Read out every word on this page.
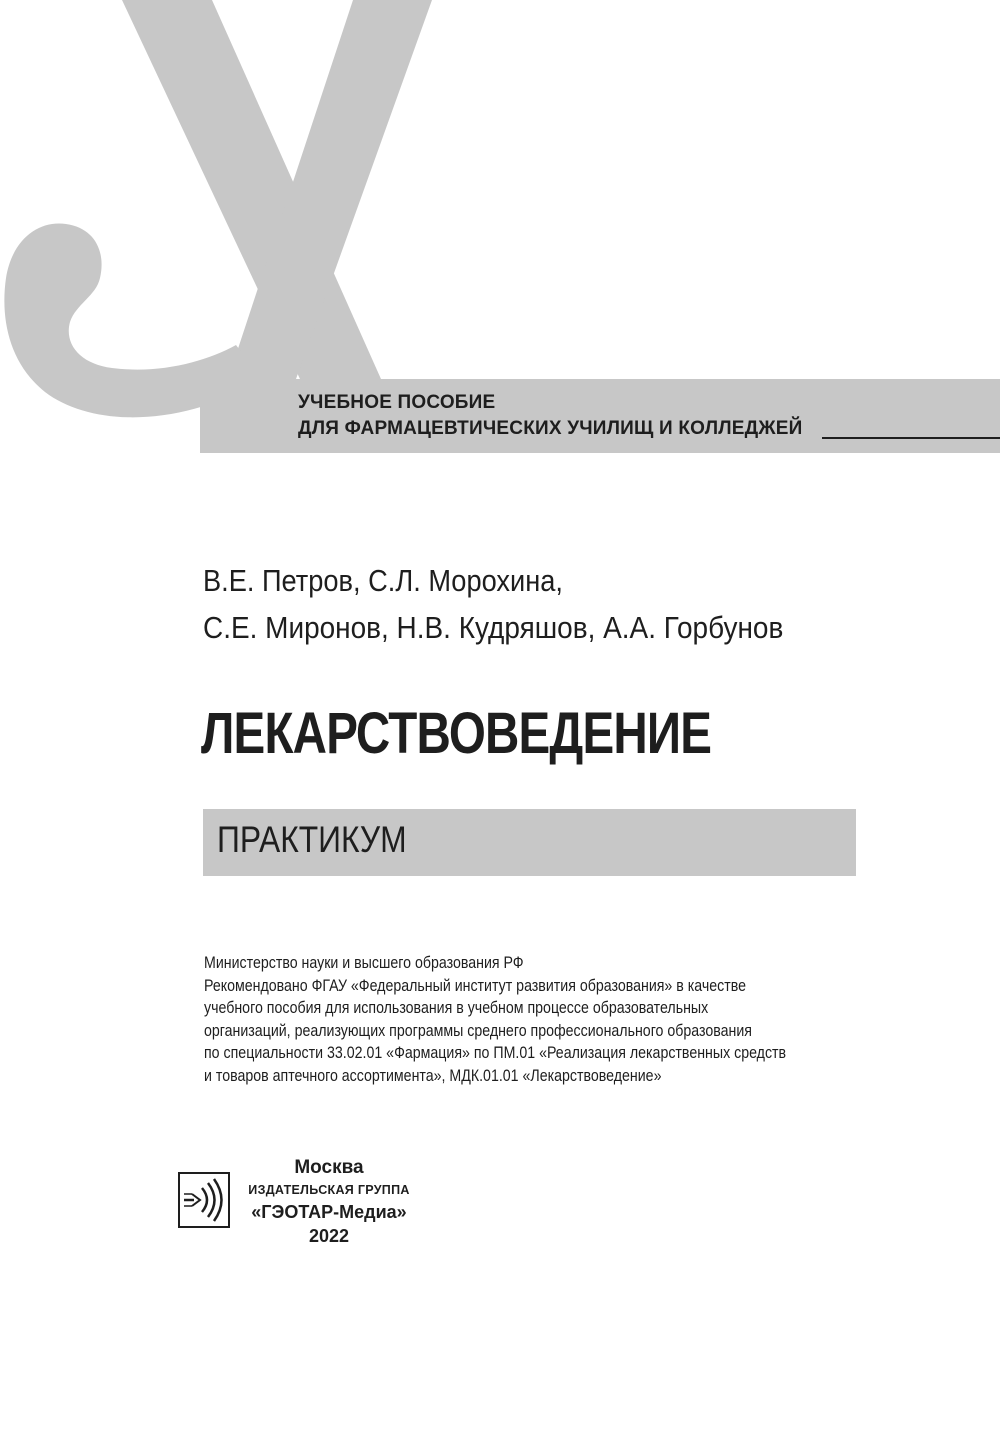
УЧЕБНОЕ ПОСОБИЕ
ДЛЯ ФАРМАЦЕВТИЧЕСКИХ УЧИЛИЩ И КОЛЛЕДЖЕЙ
В.Е. Петров, С.Л. Морохина,
С.Е. Миронов, Н.В. Кудряшов, А.А. Горбунов
ЛЕКАРСТВОВЕДЕНИЕ
ПРАКТИКУМ
Министерство науки и высшего образования РФ
Рекомендовано ФГАУ «Федеральный институт развития образования» в качестве
учебного пособия для использования в учебном процессе образовательных
организаций, реализующих программы среднего профессионального образования
по специальности 33.02.01 «Фармация» по ПМ.01 «Реализация лекарственных средств
и товаров аптечного ассортимента», МДК.01.01 «Лекарствоведение»
Москва
ИЗДАТЕЛЬСКАЯ ГРУППА
«ГЭОТАР-Медиа»
2022
